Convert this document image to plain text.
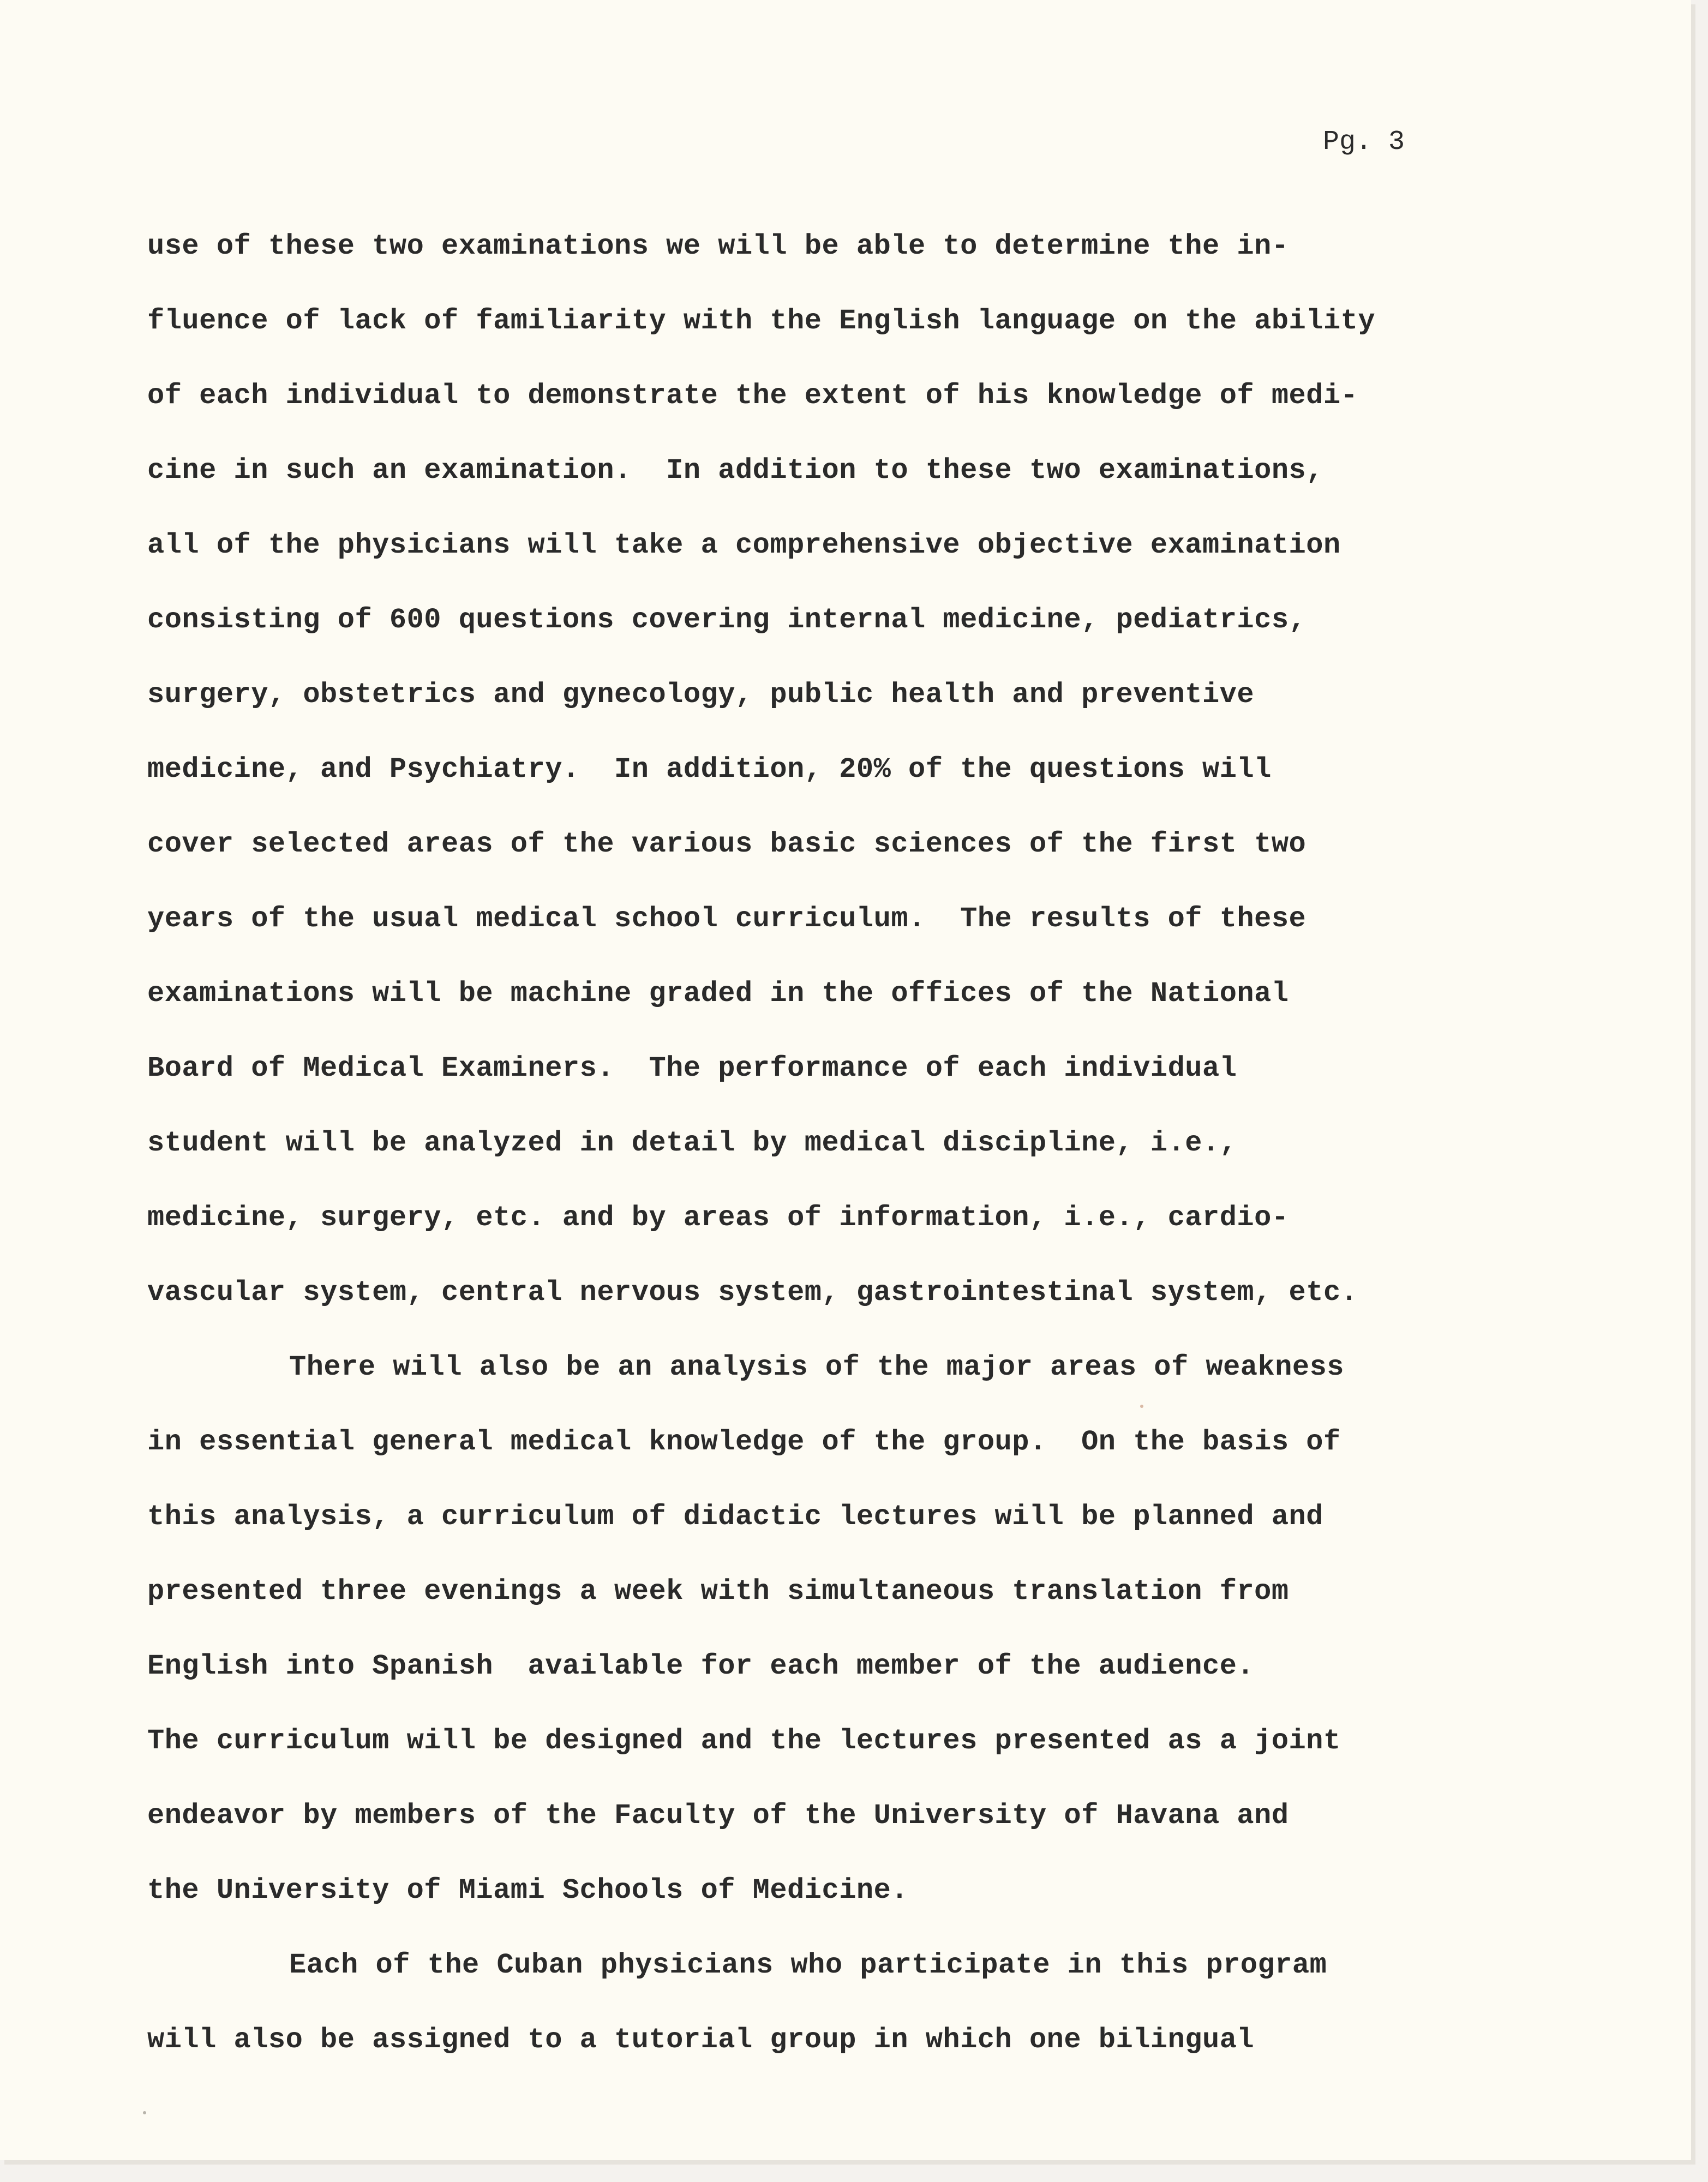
Pg. 3
use of these two examinations we will be able to determine the in-
fluence of lack of familiarity with the English language on the ability
of each individual to demonstrate the extent of his knowledge of medi-
cine in such an examination.  In addition to these two examinations,
all of the physicians will take a comprehensive objective examination
consisting of 600 questions covering internal medicine, pediatrics,
surgery, obstetrics and gynecology, public health and preventive
medicine, and Psychiatry.  In addition, 20% of the questions will
cover selected areas of the various basic sciences of the first two
years of the usual medical school curriculum.  The results of these
examinations will be machine graded in the offices of the National
Board of Medical Examiners.  The performance of each individual
student will be analyzed in detail by medical discipline, i.e.,
medicine, surgery, etc. and by areas of information, i.e., cardio-
vascular system, central nervous system, gastrointestinal system, etc.
There will also be an analysis of the major areas of weakness
in essential general medical knowledge of the group.  On the basis of
this analysis, a curriculum of didactic lectures will be planned and
presented three evenings a week with simultaneous translation from
English into Spanish  available for each member of the audience.
The curriculum will be designed and the lectures presented as a joint
endeavor by members of the Faculty of the University of Havana and
the University of Miami Schools of Medicine.
Each of the Cuban physicians who participate in this program
will also be assigned to a tutorial group in which one bilingual
